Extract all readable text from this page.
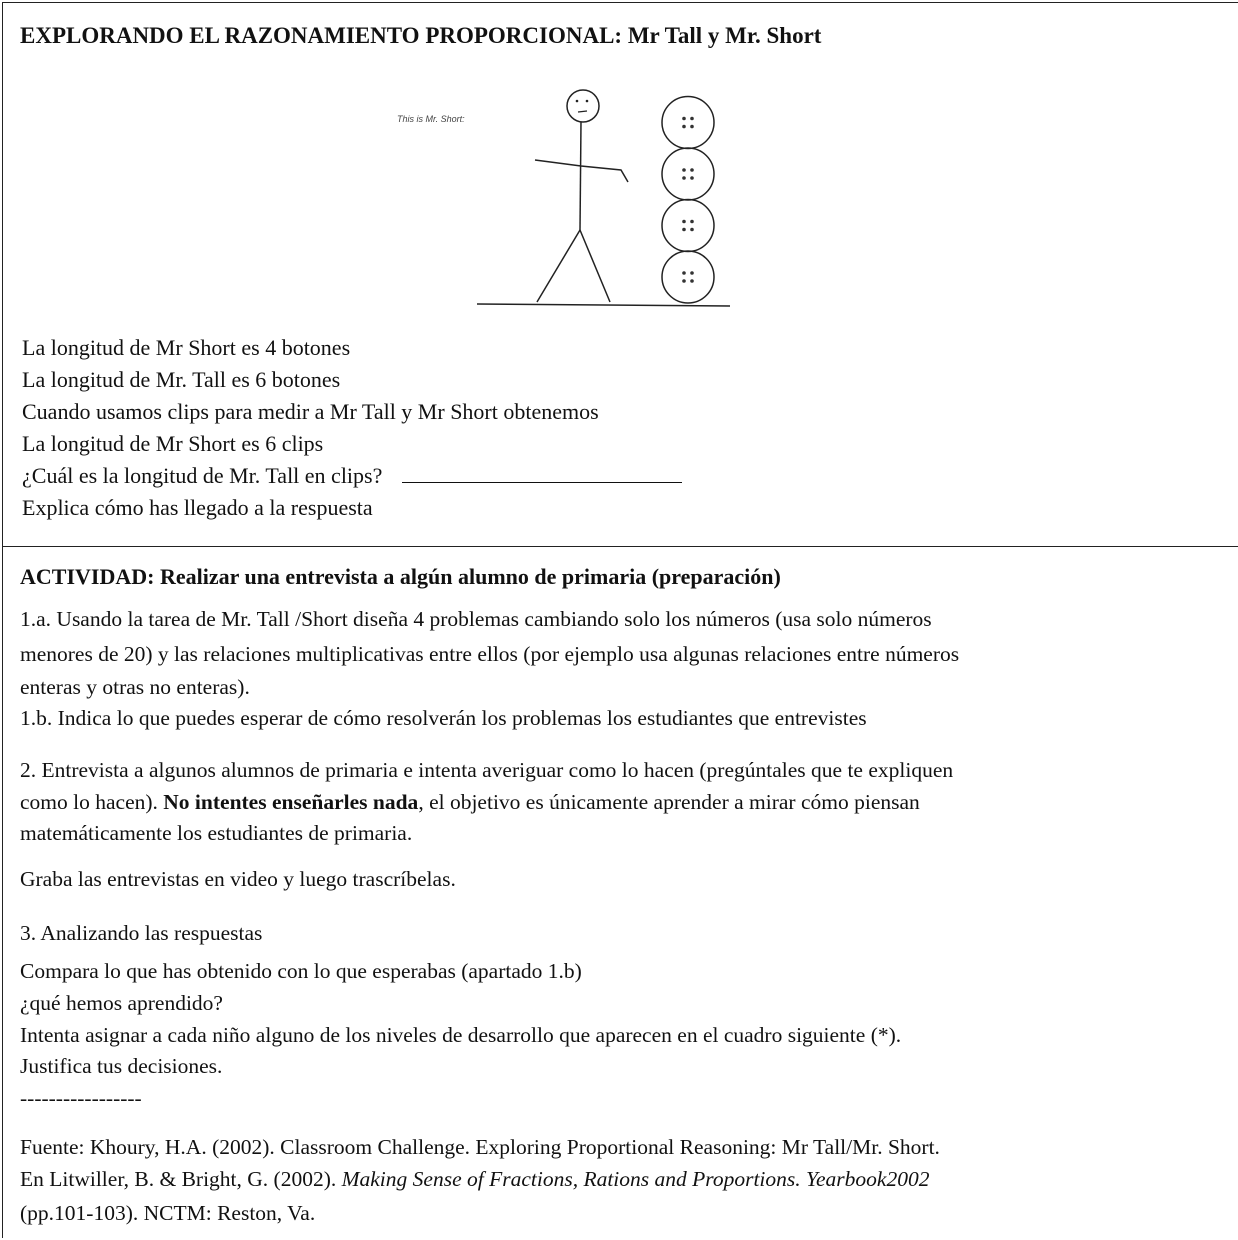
EXPLORANDO EL RAZONAMIENTO PROPORCIONAL: Mr Tall y Mr. Short
This is Mr. Short:
La longitud de Mr Short es 4 botones
La longitud de Mr. Tall es 6 botones
Cuando usamos clips para medir a Mr Tall y Mr Short obtenemos
La longitud de Mr Short es 6 clips
¿Cuál es la longitud de Mr. Tall en clips?
Explica cómo has llegado a la respuesta
ACTIVIDAD: Realizar una entrevista a algún alumno de primaria (preparación)
1.a. Usando la tarea de Mr. Tall /Short diseña 4 problemas cambiando solo los números (usa solo números
menores de 20) y las relaciones multiplicativas entre ellos (por ejemplo usa algunas relaciones entre números
enteras y otras no enteras).
1.b. Indica lo que puedes esperar de cómo resolverán los problemas los estudiantes que entrevistes
2. Entrevista a algunos alumnos de primaria e intenta averiguar como lo hacen (pregúntales que te expliquen
como lo hacen). No intentes enseñarles nada, el objetivo es únicamente aprender a mirar cómo piensan
matemáticamente los estudiantes de primaria.
Graba las entrevistas en video y luego trascríbelas.
3. Analizando las respuestas
Compara lo que has obtenido con lo que esperabas (apartado 1.b)
¿qué hemos aprendido?
Intenta asignar a cada niño alguno de los niveles de desarrollo que aparecen en el cuadro siguiente (*).
Justifica tus decisiones.
-----------------
Fuente: Khoury, H.A. (2002). Classroom Challenge. Exploring Proportional Reasoning: Mr Tall/Mr. Short.
En Litwiller, B. & Bright, G. (2002). Making Sense of Fractions, Rations and Proportions. Yearbook2002
(pp.101-103). NCTM: Reston, Va.
